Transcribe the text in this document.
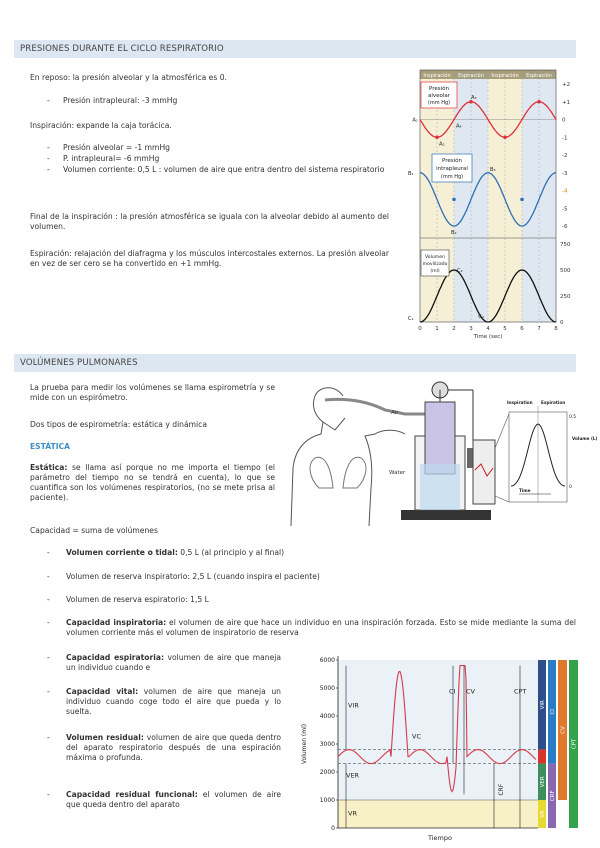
PRESIONES DURANTE EL CICLO RESPIRATORIO
En reposo: la presión alveolar y la atmosférica es 0.
- Presión intrapleural: -3 mmHg
Inspiración: expande la caja torácica.
- Presión alveolar = -1 mmHg
- P. intrapleural= -6 mmHg
- Volumen corriente: 0,5 L : volumen de aire que entra dentro del sistema respiratorio
Final de la inspiración : la presión atmosférica se iguala con la alveolar debido al aumento del volumen.
Espiración: relajación del diafragma y los músculos intercostales externos. La presión alveolar en vez de ser cero se ha convertido en +1 mmHg.
Inspiración Espiración Inspiración Espiración
+2
+1
0
-1
-2
-3
-4
-5
-6
750
500
250
0
0 1 2 3 4 5 6 7 8
Time (sec)
Presión
alveolar
(mm Hg)
Presión
intrapleural
(mm Hg)
Volumen
movilizado
(ml)
A₁
A₂
A₃
A₄
B₁
B₂
B₃
C₁
C₂
C₃
VOLÚMENES PULMONARES
La prueba para medir los volúmenes se llama espirometría y se mide con un espirómetro.
Dos tipos de espirometría: estática y dinámica
ESTÁTICA
Estática: se llama así porque no me importa el tiempo (el parámetro del tiempo no se tendrá en cuenta), lo que se cuantifica son los volúmenes respiratorios, (no se mete prisa al paciente).
Capacidad = suma de volúmenes
- Volumen corriente o tidal: 0,5 L (al principio y al final)
- Volumen de reserva inspiratorio: 2,5 L (cuando inspira el paciente)
- Volumen de reserva espiratorio: 1,5 L
- Capacidad inspiratoria: el volumen de aire que hace un individuo en una inspiración forzada. Esto se mide mediante la suma del volumen corriente más el volumen de inspiratorio de reserva
- Capacidad espiratoria: volumen de aire que maneja un individuo cuando e
- Capacidad vital: volumen de aire que maneja un individuo cuando coge todo el aire que pueda y lo suelta.
- Volumen residual: volumen de aire que queda dentro del aparato respiratorio después de una espiración máxima o profunda.
- Capacidad residual funcional: el volumen de aire que queda dentro del aparato
Air
Water
Inspiration Expiration
0.5
0
Volume (L)
Time
VIR
VER
VR
CI
CRF
CV
CPT
6000
5000
4000
3000
2000
1000
0
Volumen (ml)
Tiempo
VIR
VC
VER
VR
CI CV
CRF
CPT
